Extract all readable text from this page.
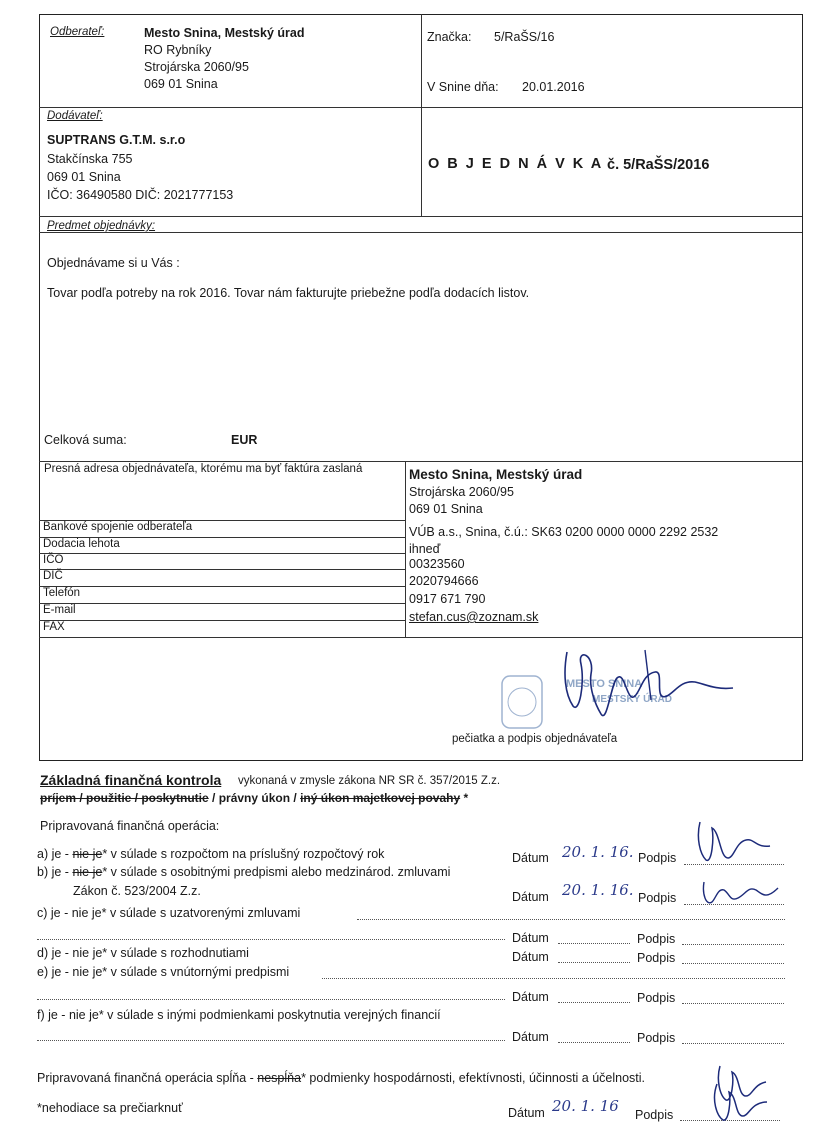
Odberateľ:	Mesto Snina, Mestský úrad
RO Rybníky
Strojárska 2060/95
069 01 Snina
Značka: 5/RaŠS/16
V Snine dňa: 20.01.2016
Dodávateľ:
SUPTRANS G.T.M. s.r.o
Stakčínska 755
069 01 Snina
IČO: 36490580 DIČ: 2021777153
O B J E D N Á V K A č. 5/RaŠS/2016
Predmet objednávky:
Objednávame si u Vás :
Tovar podľa potreby na rok 2016. Tovar nám fakturujte priebežne podľa dodacích listov.
Celková suma:	EUR
Presná adresa objednávateľa, ktorému ma byť faktúra zaslaná	Mesto Snina, Mestský úrad
Strojárska 2060/95
069 01 Snina
Bankové spojenie odberateľa	VÚB a.s., Snina, č.ú.: SK63 0200 0000 0000 2292 2532
Dodacia lehota	ihneď
IČO	00323560
DIČ	2020794666
Telefón	0917 671 790
E-mail	stefan.cus@zoznam.sk
FAX
MESTO SNINA
MESTSKÝ ÚRAD
pečiatka a podpis objednávateľa
Základná finančná kontrola vykonaná v zmysle zákona NR SR č. 357/2015 Z.z.
príjem / použitie / poskytnutie / právny úkon / iný úkon majetkovej povahy *
Pripravovaná finančná operácia:
a) je - nie je* v súlade s rozpočtom na príslušný rozpočtový rok	Dátum 20. 1. 16. Podpis
b) je - nie je* v súlade s osobitnými predpismi alebo medzinárod. zmluvami
Zákon č. 523/2004 Z.z.	Dátum 20. 1. 16. Podpis
c) je - nie je* v súlade s uzatvorenými zmluvami
Dátum	Podpis
d) je - nie je* v súlade s rozhodnutiami	Dátum	Podpis
e) je - nie je* v súlade s vnútornými predpismi
Dátum	Podpis
f) je - nie je* v súlade s inými podmienkami poskytnutia verejných financií
Dátum	Podpis
Pripravovaná finančná operácia spĺňa - nespĺňa* podmienky hospodárnosti, efektívnosti, účinnosti a účelnosti.
*nehodiace sa prečiarknuť	Dátum 20. 1. 16 Podpis
